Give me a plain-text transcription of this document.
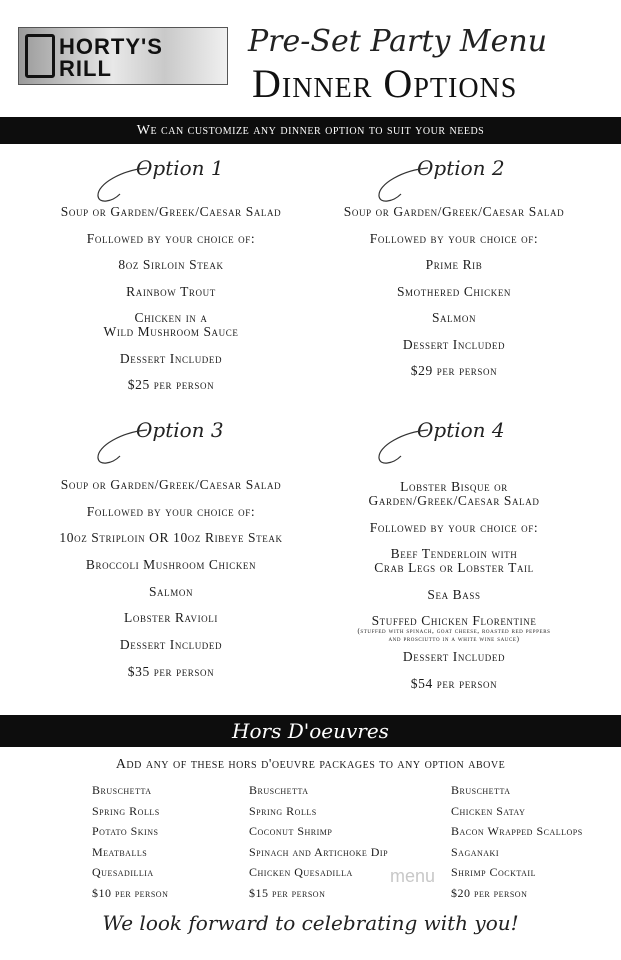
HORTY'S
RILL
Pre-Set Party Menu
Dinner Options
We can customize any dinner option to suit your needs
Option 1
Soup or Garden/Greek/Caesar Salad
Followed by your choice of:
8oz Sirloin Steak
Rainbow Trout
Chicken in a
Wild Mushroom Sauce
Dessert Included
$25 per person
Option 2
Soup or Garden/Greek/Caesar Salad
Followed by your choice of:
Prime Rib
Smothered Chicken
Salmon
Dessert Included
$29 per person
Option 3
Soup or Garden/Greek/Caesar Salad
Followed by your choice of:
10oz Striploin OR 10oz Ribeye Steak
Broccoli Mushroom Chicken
Salmon
Lobster Ravioli
Dessert Included
$35 per person
Option 4
Lobster Bisque or
Garden/Greek/Caesar Salad
Followed by your choice of:
Beef Tenderloin with
Crab Legs or Lobster Tail
Sea Bass
Stuffed Chicken Florentine
(stuffed with spinach, goat cheese, roasted red peppers
and prosciutto in a white wine sauce)
Dessert Included
$54 per person
Hors D'oeuvres
Add any of these hors d'oeuvre packages to any option above
Bruschetta
Spring Rolls
Potato Skins
Meatballs
Quesadillia
$10 per person
Bruschetta
Spring Rolls
Coconut Shrimp
Spinach and Artichoke Dip
Chicken Quesadilla
$15 per person
Bruschetta
Chicken Satay
Bacon Wrapped Scallops
Saganaki
Shrimp Cocktail
$20 per person
menu
We look forward to celebrating with you!
